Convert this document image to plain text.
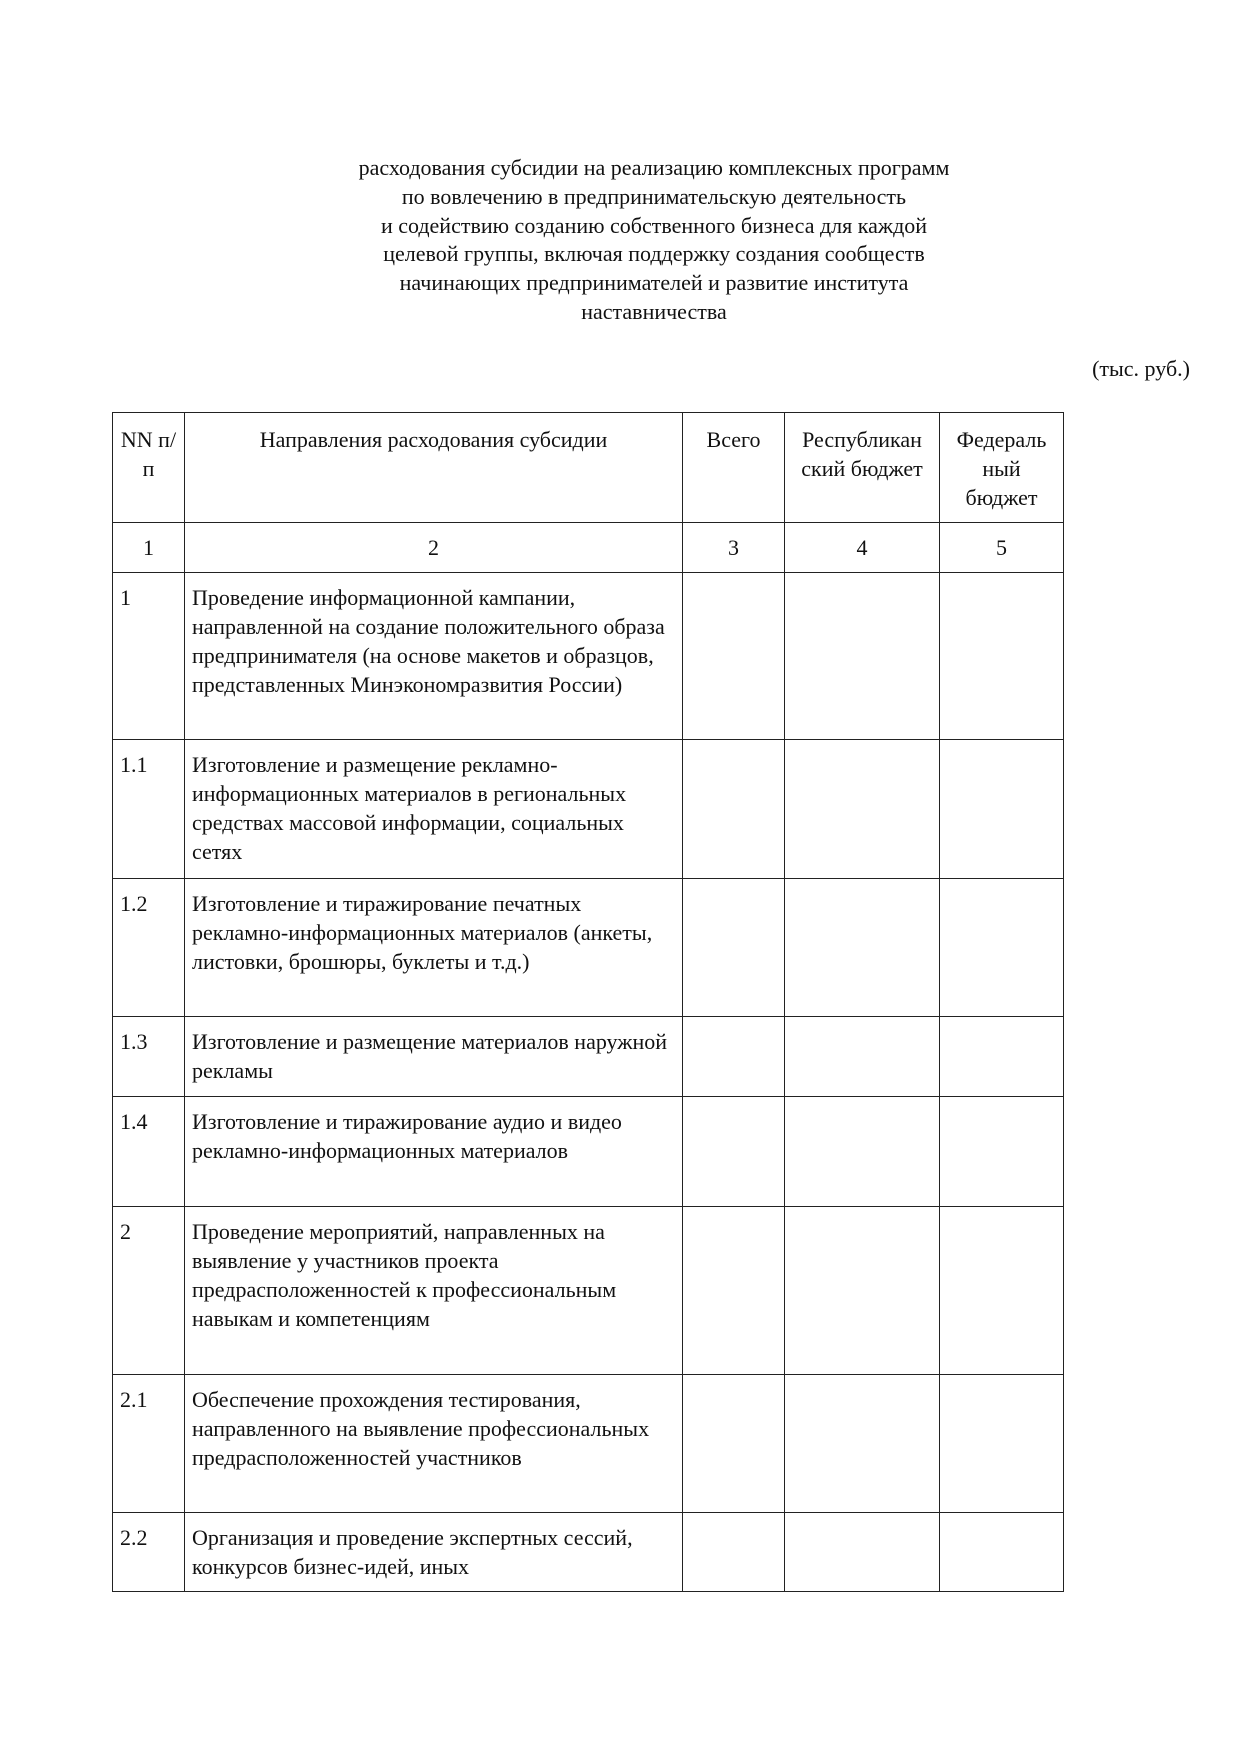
расходования субсидии на реализацию комплексных программ
по вовлечению в предпринимательскую деятельность
и содействию созданию собственного бизнеса для каждой
целевой группы, включая поддержку создания сообществ
начинающих предпринимателей и развитие института
наставничества
(тыс. руб.)
NN п/п	Направления расходования субсидии	Всего	Республикан ский бюджет	Федераль ный бюджет
1	2	3	4	5
1	Проведение информационной кампании, направленной на создание положительного образа предпринимателя (на основе макетов и образцов, представленных Минэкономразвития России)			
1.1	Изготовление и размещение рекламно-информационных материалов в региональных средствах массовой информации, социальных сетях			
1.2	Изготовление и тиражирование печатных рекламно-информационных материалов (анкеты, листовки, брошюры, буклеты и т.д.)			
1.3	Изготовление и размещение материалов наружной рекламы			
1.4	Изготовление и тиражирование аудио и видео рекламно-информационных материалов			
2	Проведение мероприятий, направленных на выявление у участников проекта предрасположенностей к профессиональным навыкам и компетенциям			
2.1	Обеспечение прохождения тестирования, направленного на выявление профессиональных предрасположенностей участников			
2.2	Организация и проведение экспертных сессий, конкурсов бизнес-идей, иных			
